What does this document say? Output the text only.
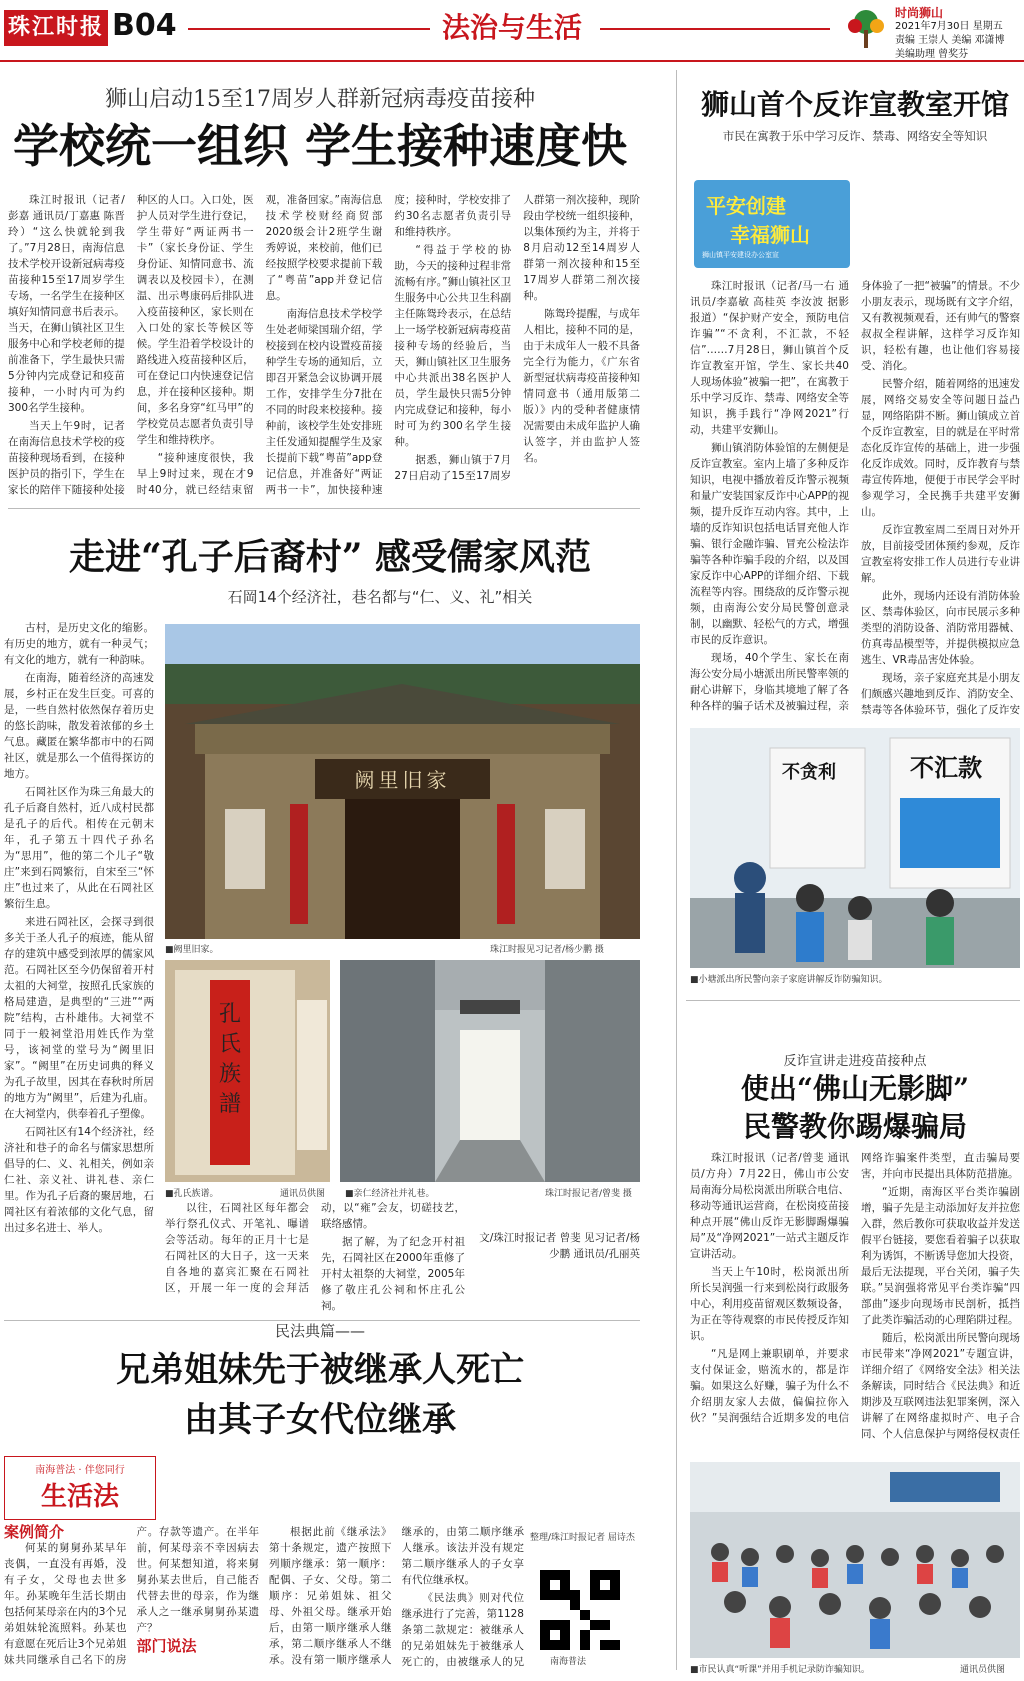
珠江时报 B04	法治与生活	时尚狮山
2021年7月30日 星期五
责编 王崇人 美编 邓潇博
美编助理 曾奖芬
狮山启动15至17周岁人群新冠病毒疫苗接种
学校统一组织 学生接种速度快

珠江时报讯（记者/彭嘉 通讯员/丁嘉惠 陈晋玲）“这么快就轮到我了。”7月28日，南海信息技术学校开设新冠病毒疫苗接种15至17周岁学生专场，一名学生在接种区填好知情同意书后表示。当天，在狮山镇社区卫生服务中心和学校老师的提前准备下，学生最快只需5分钟内完成登记和疫苗接种，一小时内可为约300名学生接种。

当天上午9时，记者在南海信息技术学校的疫苗接种现场看到，在接种医护员的指引下，学生在家长的陪伴下随接种处接种区的人口。入口处，医护人员对学生进行登记，学生带好“两证两书一卡”（家长身份证、学生身份证、知情同意书、流调表以及校园卡），在测温、出示粤康码后排队进入疫苗接种区，家长则在入口处的家长等候区等候。学生沿着学校设计的路线进入疫苗接种区后，可在登记口内快速登记信息，并在接种区接种。期间，多名身穿“红马甲”的学校党员志愿者负责引导学生和维持秩序。

“接种速度很快，我早上9时过来，现在才9时40分，就已经结束留观，准备回家。”南海信息技术学校财经商贸部2020级会计2班学生谢秀婷说，来校前，他们已经按照学校要求提前下载了“粤苗”app并登记信息。

南海信息技术学校学生处老师梁国瑞介绍，学校接到在校内设置疫苗接种学生专场的通知后，立即召开紧急会议协调开展工作，安排学生分7批在不同的时段来校接种。接种前，该校学生处安排班主任发通知提醒学生及家长提前下载“粤苗”app登记信息，并准备好“两证两书一卡”，加快接种速度；接种时，学校安排了约30名志愿者负责引导和维持秩序。

“得益于学校的协助，今天的接种过程非常流畅有序。”狮山镇社区卫生服务中心公共卫生科副主任陈鸳玲表示，在总结上一场学校新冠病毒疫苗接种专场的经验后，当天，狮山镇社区卫生服务中心共派出38名医护人员，学生最快只需5分钟内完成登记和接种，每小时可为约300名学生接种。

据悉，狮山镇于7月27日启动了15至17周岁人群第一剂次接种，现阶段由学校统一组织接种，以集体预约为主，并将于8月启动12至14周岁人群第一剂次接种和15至17周岁人群第二剂次接种。

陈鸳玲提醒，与成年人相比，接种不同的是，由于未成年人一般不具备完全行为能力，《广东省新型冠状病毒疫苗接种知情同意书（通用版第二版）》内的受种者健康情况需要由未成年监护人确认签字，并由监护人签名。

走进“孔子后裔村” 感受儒家风范
石岡14个经济社，巷名都与“仁、义、礼”相关

古村，是历史文化的缩影。有历史的地方，就有一种灵气；有文化的地方，就有一种韵味。

在南海，随着经济的高速发展，乡村正在发生巨变。可喜的是，一些自然村依然保存着历史的悠长韵味，散发着浓郁的乡土气息。藏匿在繁华都市中的石岡社区，就是那么一个值得探访的地方。

石岡社区作为珠三角最大的孔子后裔自然村，近八成村民都是孔子的后代。相传在元朝末年，孔子第五十四代子孙名为“思用”，他的第二个儿子“敬庄”来到石岡繁衍，自宋至三“怀庄”也过来了，从此在石岡社区繁衍生息。

来进石岡社区，会探寻到很多关于圣人孔子的痕迹，能从留存的建筑中感受到浓厚的儒家风范。石岡社区至今仍保留着开村太祖的大祠堂，按照孔氏家族的格局建造，是典型的“三进”“两院”结构，古朴雄伟。大祠堂不同于一般祠堂沿用姓氏作为堂号，该祠堂的堂号为“阙里旧家”。“阙里”在历史词典的释义为孔子故里，因其在春秋时所居的地方为“阙里”，后建为孔庙。在大祠堂内，供奉着孔子塑像。

石岡社区有14个经济社，经济社和巷子的命名与儒家思想所倡导的仁、义、礼相关，例如亲仁社、亲义社、讲礼巷、亲仁里。作为孔子后裔的聚居地，石岡社区有着浓郁的文化气息，留出过多名进士、举人。

阙里旧家
■阙里旧家。	珠江时报见习记者/杨少鹏 摄
孔氏族譜
■孔氏族谱。	通讯员供图 ■亲仁经济社并礼巷。	珠江时报记者/曾斐 摄

以往，石岡社区每年都会举行祭孔仪式、开笔礼、曝谱会等活动。每年的正月十七是石岡社区的大日子，这一天来自各地的嘉宾汇聚在石岡社区，开展一年一度的会拜活动，以“雍”会友，切磋技艺，联络感情。

据了解，为了纪念开村祖先，石岡社区在2000年重修了开村太祖祭的大祠堂，2005年修了敬庄孔公祠和怀庄孔公祠。

文/珠江时报记者 曾斐 见习记者/杨少鹏 通讯员/孔丽英
民法典篇——
兄弟姐妹先于被继承人死亡
由其子女代位继承
南海普法 · 伴您同行
生活法
案例简介

何某的舅舅孙某早年丧偶，一直没有再婚，没有子女，父母也去世多年。孙某晚年生活长期由包括何某母亲在内的3个兄弟姐妹轮流照料。孙某也有意愿在死后让3个兄弟姐妹共同继承自己名下的房产。存款等遗产。在半年前，何某母亲不幸因病去世。何某想知道，将来舅舅孙某去世后，自己能否代替去世的母亲，作为继承人之一继承舅舅孙某遗产？

部门说法

根据此前《继承法》第十条规定，遗产按照下列顺序继承：第一顺序：配偶、子女、父母。第二顺序：兄弟姐妹、祖父母、外祖父母。继承开始后，由第一顺序继承人继承，第二顺序继承人不继承。没有第一顺序继承人继承的，由第二顺序继承人继承。该法并没有规定第二顺序继承人的子女享有代位继承权。

《民法典》则对代位继承进行了完善，第1128条第二款规定：被继承人的兄弟姐妹先于被继承人死亡的，由被继承人的兄

整理/珠江时报记者 屈诗杰
南海普法
狮山首个反诈宣教室开馆
市民在寓教于乐中学习反诈、禁毒、网络安全等知识
平安创建
幸福狮山
狮山镇平安建设办公室宣

珠江时报讯（记者/马一右 通讯员/李嘉敏 高桂英 李汝波 据影报道）“保护财产安全，预防电信诈骗”“不贪利，不汇款，不轻信”……7月28日，狮山镇首个反诈宣教室开馆，学生、家长共40人现场体验“被骗一把”，在寓教于乐中学习反诈、禁毒、网络安全等知识，携手践行“净网2021”行动，共建平安狮山。

狮山镇消防体验馆的左侧便是反诈宣教室。室内上墙了多种反诈知识，电视中播放着反诈警示视频和量广安装国家反诈中心APP的视频，提升反诈互动内容。其中，上墙的反诈知识包括电话冒充他人诈骗、银行金融诈骗、冒充公检法诈骗等各种诈骗手段的介绍，以及国家反诈中心APP的详细介绍、下载流程等内容。围绕敌的反诈警示视频，由南海公安分局民警创意录制，以幽默、轻松气的方式，增强市民的反诈意识。

现场，40个学生、家长在南海公安分局小塘派出所民警率领的耐心讲解下，身临其境地了解了各种各样的骗子话术及被骗过程，亲身体验了一把“被骗”的情景。不少小朋友表示，现场既有文字介绍，又有教视频观看，还有帅气的警察叔叔全程讲解，这样学习反诈知识，轻松有趣，也让他们容易接受、消化。

民警介绍，随着网络的迅速发展，网络交易安全等问题日益凸显，网络陷阱不断。狮山镇成立首个反诈宣教室，目的就是在平时常态化反诈宣传的基础上，进一步强化反诈成效。同时，反诈教育与禁毒宣传阵地，便便于市民学会平时参观学习，全民携手共建平安狮山。

反诈宣教室周二至周日对外开放，目前接受团体预约参观，反诈宣教室将安排工作人员进行专业讲解。

此外，现场内还设有消防体验区、禁毒体验区，向市民展示多种类型的消防设备、消防常用器械、仿真毒品模型等，并提供模拟应急逃生、VR毒品害处体验。

现场，亲子家庭充其是小朋友们颇感兴趣地到反诈、消防安全、禁毒等各体验环节，强化了反诈安

不贪利	不汇款
■小塘派出所民警向亲子家庭讲解反诈防骗知识。
反诈宣讲走进疫苗接种点
使出“佛山无影脚”
民警教你踢爆骗局

珠江时报讯（记者/曾斐 通讯员/方舟）7月22日，佛山市公安局南海分局松岗派出所联合电信、移动等通讯运营商，在松岗疫苗接种点开展“佛山反诈无影脚踢爆骗局”及“净网2021”一站式主题反诈宣讲活动。

当天上午10时，松岗派出所所长吴润强一行来到松岗行政服务中心，利用疫苗留观区数频设备，为正在等待观察的市民传授反诈知识。

“凡是网上兼职刷单，并要求支付保证金，赔流水的，都是诈骗。如果这么好赚，骗子为什么不介绍朋友家人去做，偏偏拉你入伙？”吴润强结合近期多发的电信网络诈骗案件类型，直击骗局要害，并向市民提出具体防范措施。

“近期，南海区平台类诈骗剧增，骗子先是主动添加好友并拉您入群，然后教你可获取收益并发送假平台链接，要您看着骗子以获取利为诱饵，不断诱导您加大投资，最后无法提现，平台关闭，骗子失联。”吴润强将常见平台类诈骗“四部曲”逐步向现场市民剖析，抵挡了此类诈骗活动的心理陷阱过程。

随后，松岗派出所民警向现场市民带来“净网2021”专题宣讲，详细介绍了《网络安全法》相关法条解读，同时结合《民法典》和近期涉及互联网违法犯罪案例，深入讲解了在网络虚拟时产、电子合同、个人信息保护与网络侵权责任

■市民认真“听课”并用手机记录防诈骗知识。	通讯员供图
